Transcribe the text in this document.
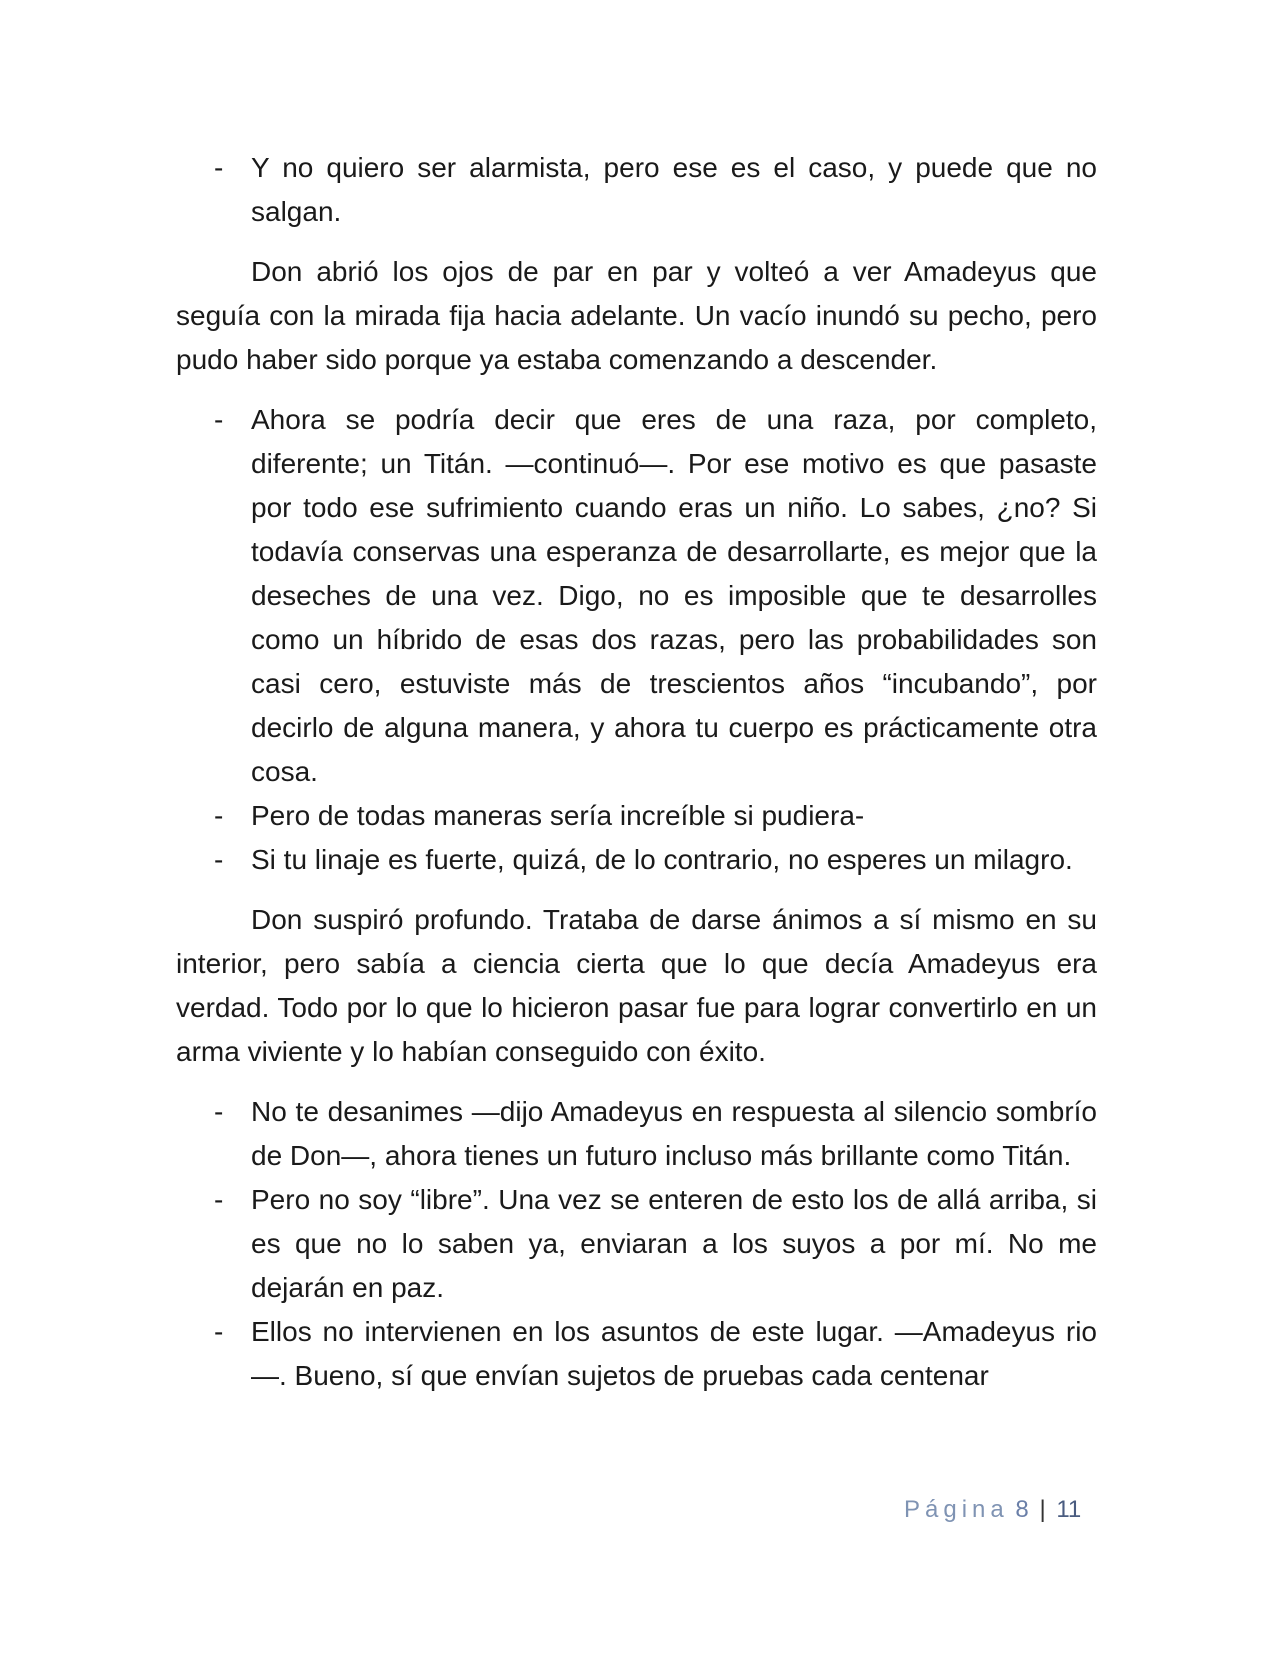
- Y no quiero ser alarmista, pero ese es el caso, y puede que no salgan.

Don abrió los ojos de par en par y volteó a ver Amadeyus que seguía con la mirada fija hacia adelante. Un vacío inundó su pecho, pero pudo haber sido porque ya estaba comenzando a descender.

- Ahora se podría decir que eres de una raza, por completo, diferente; un Titán. —continuó—. Por ese motivo es que pasaste por todo ese sufrimiento cuando eras un niño. Lo sabes, ¿no? Si todavía conservas una esperanza de desarrollarte, es mejor que la deseches de una vez. Digo, no es imposible que te desarrolles como un híbrido de esas dos razas, pero las probabilidades son casi cero, estuviste más de trescientos años “incubando”, por decirlo de alguna manera, y ahora tu cuerpo es prácticamente otra cosa.
- Pero de todas maneras sería increíble si pudiera-
- Si tu linaje es fuerte, quizá, de lo contrario, no esperes un milagro.

Don suspiró profundo. Trataba de darse ánimos a sí mismo en su interior, pero sabía a ciencia cierta que lo que decía Amadeyus era verdad. Todo por lo que lo hicieron pasar fue para lograr convertirlo en un arma viviente y lo habían conseguido con éxito.

- No te desanimes —dijo Amadeyus en respuesta al silencio sombrío de Don—, ahora tienes un futuro incluso más brillante como Titán.
- Pero no soy “libre”. Una vez se enteren de esto los de allá arriba, si es que no lo saben ya, enviaran a los suyos a por mí. No me dejarán en paz.
- Ellos no intervienen en los asuntos de este lugar. —Amadeyus rio—. Bueno, sí que envían sujetos de pruebas cada centenar
Página 8 | 11
